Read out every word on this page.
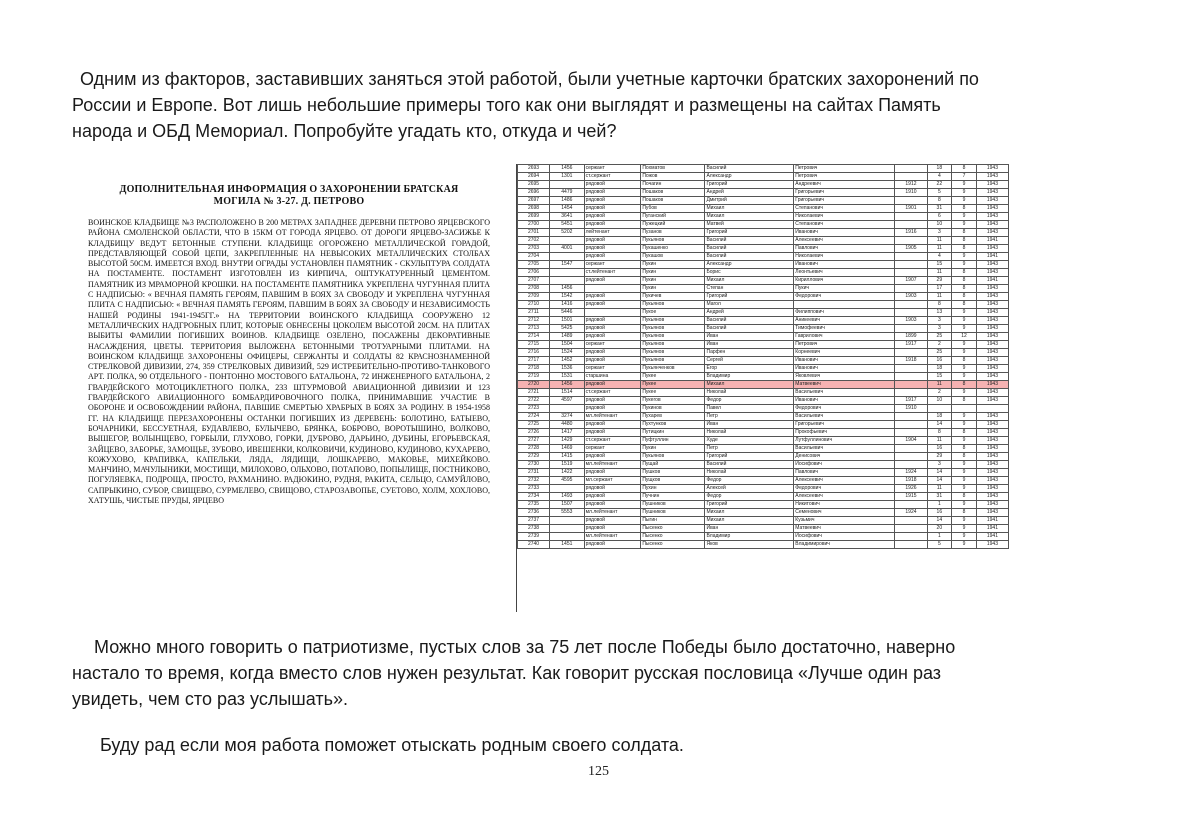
Одним из факторов, заставивших заняться этой работой, были учетные карточки братских захоронений по
России и Европе. Вот лишь небольшие примеры того как они выглядят и размещены на сайтах Память
народа и ОБД Мемориал. Попробуйте угадать кто, откуда и чей?
ДОПОЛНИТЕЛЬНАЯ ИНФОРМАЦИЯ О ЗАХОРОНЕНИИ БРАТСКАЯ
МОГИЛА № 3-27. Д. ПЕТРОВО
ВОИНСКОЕ КЛАДБИЩЕ №3 РАСПОЛОЖЕНО В 200 МЕТРАХ ЗАПАДНЕЕ ДЕРЕВНИ ПЕТРОВО ЯРЦЕВСКОГО РАЙОНА СМОЛЕНСКОЙ ОБЛАСТИ, ЧТО В 15КМ ОТ ГОРОДА ЯРЦЕВО. ОТ ДОРОГИ ЯРЦЕВО-ЗАСИЖЬЕ К КЛАДБИЩУ ВЕДУТ БЕТОННЫЕ СТУПЕНИ. КЛАДБИЩЕ ОГОРОЖЕНО МЕТАЛЛИЧЕСКОЙ ГОРАДОЙ, ПРЕДСТАВЛЯЮЩЕЙ СОБОЙ ЦЕПИ, ЗАКРЕПЛЕННЫЕ НА НЕВЫСОКИХ МЕТАЛЛИЧЕСКИХ СТОЛБАХ ВЫСОТОЙ 50СМ. ИМЕЕТСЯ ВХОД. ВНУТРИ ОГРАДЫ УСТАНОВЛЕН ПАМЯТНИК - СКУЛЬПТУРА СОЛДАТА НА ПОСТАМЕНТЕ. ПОСТАМЕНТ ИЗГОТОВЛЕН ИЗ КИРПИЧА, ОШТУКАТУРЕННЫЙ ЦЕМЕНТОМ. ПАМЯТНИК ИЗ МРАМОРНОЙ КРОШКИ. НА ПОСТАМЕНТЕ ПАМЯТНИКА УКРЕПЛЕНА ЧУГУННАЯ ПЛИТА С НАДПИСЬЮ: « ВЕЧНАЯ ПАМЯТЬ ГЕРОЯМ, ПАВШИМ В БОЯХ ЗА СВОБОДУ И УКРЕПЛЕНА ЧУГУННАЯ ПЛИТА С НАДПИСЬЮ: « ВЕЧНАЯ ПАМЯТЬ ГЕРОЯМ, ПАВШИМ В БОЯХ ЗА СВОБОДУ И НЕЗАВИСИМОСТЬ НАШЕЙ РОДИНЫ 1941-1945ГГ.» НА ТЕРРИТОРИИ ВОИНСКОГО КЛАДБИЩА СООРУЖЕНО 12 МЕТАЛЛИЧЕСКИХ НАДГРОБНЫХ ПЛИТ, КОТОРЫЕ ОБНЕСЕНЫ ЦОКОЛЕМ ВЫСОТОЙ 20СМ. НА ПЛИТАХ ВЫБИТЫ ФАМИЛИИ ПОГИБШИХ ВОИНОВ. КЛАДБИЩЕ ОЗЕЛЕНО, ПОСАЖЕНЫ ДЕКОРАТИВНЫЕ НАСАЖДЕНИЯ, ЦВЕТЫ. ТЕРРИТОРИЯ ВЫЛОЖЕНА БЕТОННЫМИ ТРОТУАРНЫМИ ПЛИТАМИ. НА ВОИНСКОМ КЛАДБИЩЕ ЗАХОРОНЕНЫ ОФИЦЕРЫ, СЕРЖАНТЫ И СОЛДАТЫ 82 КРАСНОЗНАМЕННОЙ СТРЕЛКОВОЙ ДИВИЗИИ, 274, 359 СТРЕЛКОВЫХ ДИВИЗИЙ, 529 ИСТРЕБИТЕЛЬНО-ПРОТИВО-ТАНКОВОГО АРТ. ПОЛКА, 90 ОТДЕЛЬНОГО - ПОНТОННО МОСТОВОГО БАТАЛЬОНА, 72 ИНЖЕНЕРНОГО БАТАЛЬОНА, 2 ГВАРДЕЙСКОГО МОТОЦИКЛЕТНОГО ПОЛКА, 233 ШТУРМОВОЙ АВИАЦИОННОЙ ДИВИЗИИ И 123 ГВАРДЕЙСКОГО АВИАЦИОННОГО БОМБАРДИРОВОЧНОГО ПОЛКА, ПРИНИМАВШИЕ УЧАСТИЕ В ОБОРОНЕ И ОСВОБОЖДЕНИИ РАЙОНА, ПАВШИЕ СМЕРТЬЮ ХРАБРЫХ В БОЯХ ЗА РОДИНУ. В 1954-1958 ГГ. НА КЛАДБИЩЕ ПЕРЕЗАХОРОНЕНЫ ОСТАНКИ ПОГИБШИХ ИЗ ДЕРЕВЕНЬ: БОЛОТИНО, БАТЫЕВО, БОЧАРНИКИ, БЕССУЕТНАЯ, БУДАВЛЕВО, БУЛЫЧЕВО, БРЯНКА, БОБРОВО, ВОРОТЫШИНО, ВОЛКОВО, ВЫШЕГОР, ВОЛЫНЩЕВО, ГОРБЫЛИ, ГЛУХОВО, ГОРКИ, ДУБРОВО, ДАРЬИНО, ДУБИНЫ, ЕГОРЬЕВСКАЯ, ЗАЙЦЕВО, ЗАБОРЬЕ, ЗАМОЩЬЕ, ЗУБОВО, ИВЕШЕНКИ, КОЛКОВИЧИ, КУДИНОВО, КУДИНОВО, КУХАРЕВО, КОЖУХОВО, КРАПИВКА, КАПЕЛЬКИ, ЛЯДА, ЛЯДИЩИ, ЛОШКАРЕВО, МАКОВЬЕ, МИХЕЙКОВО. МАНЧИНО, МАЧУЛЫНИКИ, МОСТИЩИ, МИЛОХОВО, ОЛЬХОВО, ПОТАПОВО, ПОПЫЛИЩЕ, ПОСТНИКОВО, ПОГУЛЯЕВКА, ПОДРОЩА, ПРОСТО, РАХМАНИНО. РАДЮКИНО, РУДНЯ, РАКИТА, СЕЛЬЦО, САМУЙЛОВО, САПРЫКИНО, СУБОР, СВИЩЕВО, СУРМЕЛЕВО, СВИЩОВО, СТАРОЗАВОПЬЕ, СУЕТОВО, ХОЛМ, ХОХЛОВО, ХАТУШЬ, ЧИСТЫЕ ПРУДЫ, ЯРЦЕВО
2693	1456	сержант	Похматов	Василий	Петрович		18	8	1943
2694	1301	ст.сержант	Пожов	Александр	Петрович		4	7	1943
2695		рядовой	Почагин	Григорий	Андреевич	1912	22	9	1943
2696	4479	рядовой	Пошаков	Андрей	Григорьевич	1910	5	9	1943
2697	1486	рядовой	Пошаков	Дмитрий	Григорьевич		8	9	1943
2698	1454	рядовой	Пубов	Михаил	Степанович	1901	31	8	1943
2699	3641	рядовой	Пуганский	Михаил	Николаевич		6	9	1943
2700	5451	рядовой	Пужецкий	Матвей	Степанович		10	9	1943
2701	5202	лейтенант	Пузанов	Григорий	Иванович	1916	3	8	1943
2702		рядовой	Пукьянов	Василий	Алексеевич		11	8	1941
2703	4001	рядовой	Пукашенко	Василий	Павлович	1905	11	8	1943
2704		рядовой	Пукашов	Василий	Николаевич		4	9	1941
2705	1547	сержант	Пукин	Александр	Иванович		15	9	1943
2706		ст.лейтенант	Пукин	Борис	Леонтьевич		11	8	1943
2707		рядовой	Пукин	Михаил	Кириллович	1907	29	8	1941
2708	1456		Пукин	Степан	Пукич		17	8	1943
2709	1542	рядовой	Пукичев	Григорий	Федорович	1903	11	8	1943
2710	1416	рядовой	Пукьянов	Магол			8	8	1943
2711	5446		Пукое	Андрей	Филиппович		13	9	1943
2712	1501	рядовой	Пукьянов	Василий	Аникеевич	1903	3	9	1943
2713	5425	рядовой	Пукьянов	Василий	Тимофеевич		3	9	1943
2714	1489	рядовой	Пукьянов	Иван	Гаврилович	1899	25	12	1943
2715	1504	сержант	Пукьянов	Иван	Петрович	1917	2	9	1943
2716	1524	рядовой	Пукьянов	Парфен	Корнеевич		25	9	1943
2717	1452	рядовой	Пукьянов	Сергей	Иванович	1918	16	8	1943
2718	1536	сержант	Пукьянченков	Егор	Иванович		18	9	1943
2719	1531	старшина	Пукее	Владимир	Яковлевич		15	9	1943
2720	1456	рядовой	Пукее	Михаил	Матвеевич		11	8	1943
2721	1514	ст.сержант	Пукее	Николай	Васильевич		2	9	1943
2722	4597	рядовой	Пукегов	Федор	Иванович	1917	10	8	1943
2723		рядовой	Пукинов	Павел	Федорович	1910			
2724	3274	мл.лейтенант	Пухарев	Петр	Васильевич		18	9	1943
2725	4480	рядовой	Пухтунков	Иван	Григорьевич		14	9	1943
2726	1417	рядовой	Путицкин	Николай	Прокофьевич		8	8	1943
2727	1429	ст.сержант	Пуфтуллин	Худе	Лутфуллинович	1904	11	9	1943
2728	1469	сержант	Пукин	Петр	Васильевич		16	8	1943
2729	1415	рядовой	Пукьянов	Григорий	Денисович		29	8	1943
2730	1519	мл.лейтенант	Пущай	Василий	Иосифович		3	9	1943
2731	1422	рядовой	Пушков	Николай	Павлович	1924	14	9	1943
2732	4595	мл.сержант	Пущков	Федор	Алексеевич	1918	14	9	1943
2733		рядовой	Пухин	Алексей	Федорович	1926	11	9	1943
2734	1493	рядовой	Пучнин	Федор	Алексеевич	1915	31	8	1943
2735	1507	рядовой	Пушников	Григорий	Никитович		1	9	1943
2736	5553	мл.лейтенант	Пушников	Михаил	Семенович	1924	16	8	1943
2737		рядовой	Пыгин	Михаил	Кузьмич		14	9	1941
2738		рядовой	Пысенко	Иван	Матвеевич		20	9	1941
2739		мл.лейтенант	Пысенко	Владимир	Иосифович		1	9	1941
2740	1451	рядовой	Пысенко	Яков	Владимирович		5	9	1943
Можно много говорить о патриотизме, пустых слов за 75 лет после Победы было достаточно, наверно
настало то время, когда вместо слов нужен результат. Как говорит русская пословица «Лучше один раз
увидеть, чем сто раз услышать».
Буду рад если моя работа поможет отыскать родным своего солдата.
125
